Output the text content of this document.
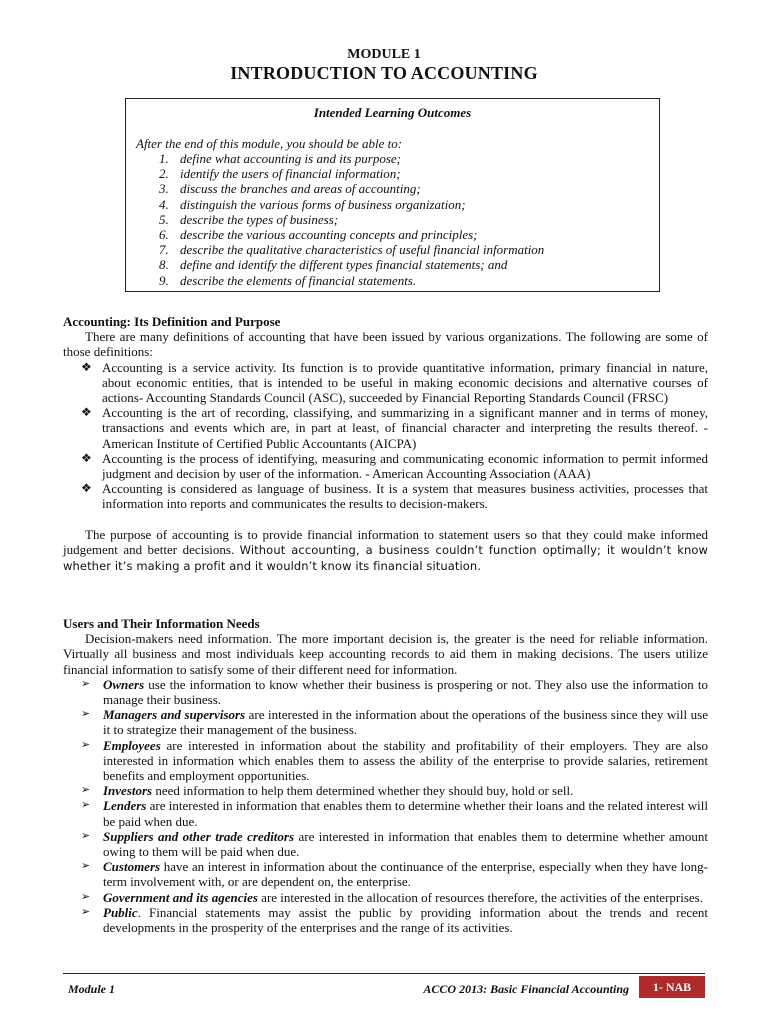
MODULE 1
INTRODUCTION TO ACCOUNTING
Intended Learning Outcomes
After the end of this module, you should be able to:
1. define what accounting is and its purpose;
2. identify the users of financial information;
3. discuss the branches and areas of accounting;
4. distinguish the various forms of business organization;
5. describe the types of business;
6. describe the various accounting concepts and principles;
7. describe the qualitative characteristics of useful financial information
8. define and identify the different types financial statements; and
9. describe the elements of financial statements.
Accounting: Its Definition and Purpose
There are many definitions of accounting that have been issued by various organizations. The following are some of those definitions:
❖ Accounting is a service activity. Its function is to provide quantitative information, primary financial in nature, about economic entities, that is intended to be useful in making economic decisions and alternative courses of actions- Accounting Standards Council (ASC), succeeded by Financial Reporting Standards Council (FRSC)
❖ Accounting is the art of recording, classifying, and summarizing in a significant manner and in terms of money, transactions and events which are, in part at least, of financial character and interpreting the results thereof. - American Institute of Certified Public Accountants (AICPA)
❖ Accounting is the process of identifying, measuring and communicating economic information to permit informed judgment and decision by user of the information. - American Accounting Association (AAA)
❖ Accounting is considered as language of business. It is a system that measures business activities, processes that information into reports and communicates the results to decision-makers.
The purpose of accounting is to provide financial information to statement users so that they could make informed judgement and better decisions. Without accounting, a business couldn’t function optimally; it wouldn’t know whether it’s making a profit and it wouldn’t know its financial situation.
Users and Their Information Needs
Decision-makers need information. The more important decision is, the greater is the need for reliable information. Virtually all business and most individuals keep accounting records to aid them in making decisions. The users utilize financial information to satisfy some of their different need for information.
➢ Owners use the information to know whether their business is prospering or not. They also use the information to manage their business.
➢ Managers and supervisors are interested in the information about the operations of the business since they will use it to strategize their management of the business.
➢ Employees are interested in information about the stability and profitability of their employers. They are also interested in information which enables them to assess the ability of the enterprise to provide salaries, retirement benefits and employment opportunities.
➢ Investors need information to help them determined whether they should buy, hold or sell.
➢ Lenders are interested in information that enables them to determine whether their loans and the related interest will be paid when due.
➢ Suppliers and other trade creditors are interested in information that enables them to determine whether amount owing to them will be paid when due.
➢ Customers have an interest in information about the continuance of the enterprise, especially when they have long-term involvement with, or are dependent on, the enterprise.
➢ Government and its agencies are interested in the allocation of resources therefore, the activities of the enterprises.
➢ Public. Financial statements may assist the public by providing information about the trends and recent developments in the prosperity of the enterprises and the range of its activities.
Module 1	ACCO 2013: Basic Financial Accounting	1- NAB
